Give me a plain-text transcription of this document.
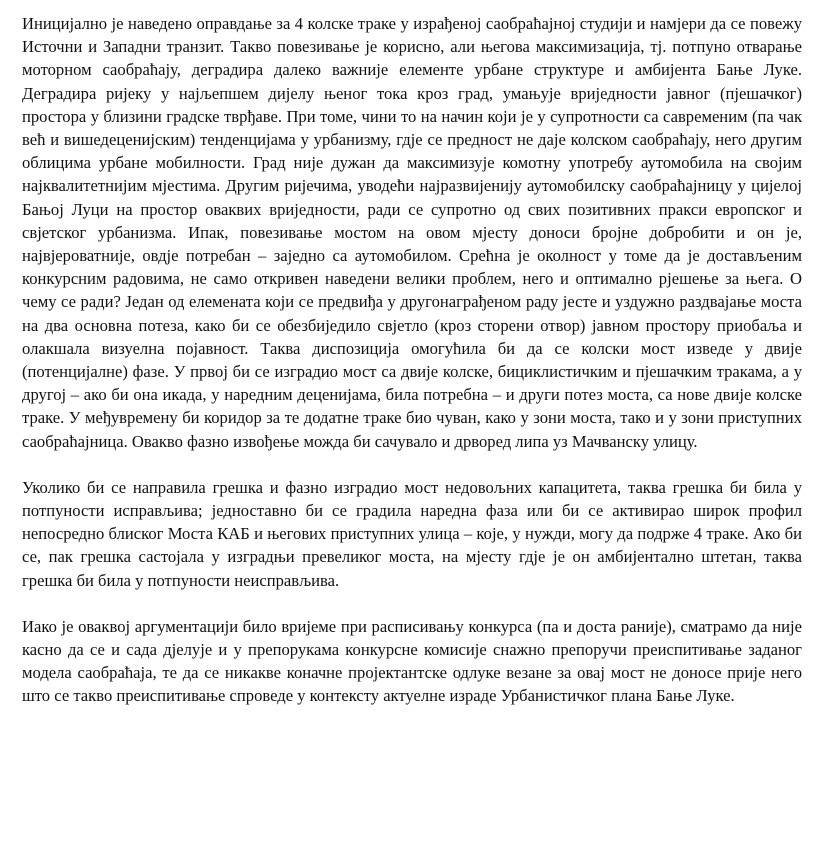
Иницијално је наведено оправдање за 4 колске траке у израђеној саобраћајној студији и намјери да се повежу Источни и Западни транзит. Такво повезивање је корисно, али његова максимизација, тј. потпуно отварање моторном саобраћају, деградира далеко важније елементе урбане структуре и амбијента Бање Луке. Деградира ријеку у најљепшем дијелу њеног тока кроз град, умањује вриједности јавног (пјешачког) простора у близини градске тврђаве. При томе, чини то на начин који је у супротности са савременим (па чак већ и вишедеценијским) тенденцијама у урбанизму, гдје се предност не даје колском саобраћају, него другим облицима урбане мобилности. Град није дужан да максимизује комотну употребу аутомобила на својим најквалитетнијим мјестима. Другим ријечима, уводећи најразвијенију аутомобилску саобраћајницу у цијелој Бањој Луци на простор оваквих вриједности, ради се супротно од свих позитивних пракси европског и свјетског урбанизма. Ипак, повезивање мостом на овом мјесту доноси бројне добробити и он је, највјероватније, овдје потребан – заједно са аутомобилом. Срећна је околност у томе да је достављеним конкурсним радовима, не само откривен наведени велики проблем, него и оптимално рјешење за њега. О чему се ради? Један од елемената који се предвиђа у другонаграђеном раду јесте и уздужно раздвајање моста на два основна потеза, како би се обезбиједило свјетло (кроз сторени отвор) јавном простору приобаља и олакшала визуелна појавност. Таква диспозиција омогућила би да се колски мост изведе у двије (потенцијалне) фазе. У првој би се изградио мост са двије колске, бициклистичким и пјешачким тракама, а у другој – ако би она икада, у наредним деценијама, била потребна – и други потез моста, са нове двије колске траке. У међувремену би коридор за те додатне траке био чуван, како у зони моста, тако и у зони приступних саобраћајница. Овакво фазно извођење можда би сачувало и дрворед липа уз Мачванску улицу.

Уколико би се направила грешка и фазно изградио мост недовољних капацитета, таква грешка би била у потпуности исправљива; једноставно би се градила наредна фаза или би се активирао широк профил непосредно блиског Моста КАБ и његових приступних улица – које, у нужди, могу да подрже 4 траке. Ако би се, пак грешка састојала у изградњи превеликог моста, на мјесту гдје је он амбијентално штетан, таква грешка би била у потпуности неисправљива.

Иако је оваквој аргументацији било вријеме при расписивању конкурса (па и доста раније), сматрамо да није касно да се и сада дјелује и у препорукама конкурсне комисије снажно препоручи преиспитивање заданог модела саобраћаја, те да се никакве коначне пројектантске одлуке везане за овај мост не доносе прије него што се такво преиспитивање спроведе у контексту актуелне израде Урбанистичког плана Бање Луке.
